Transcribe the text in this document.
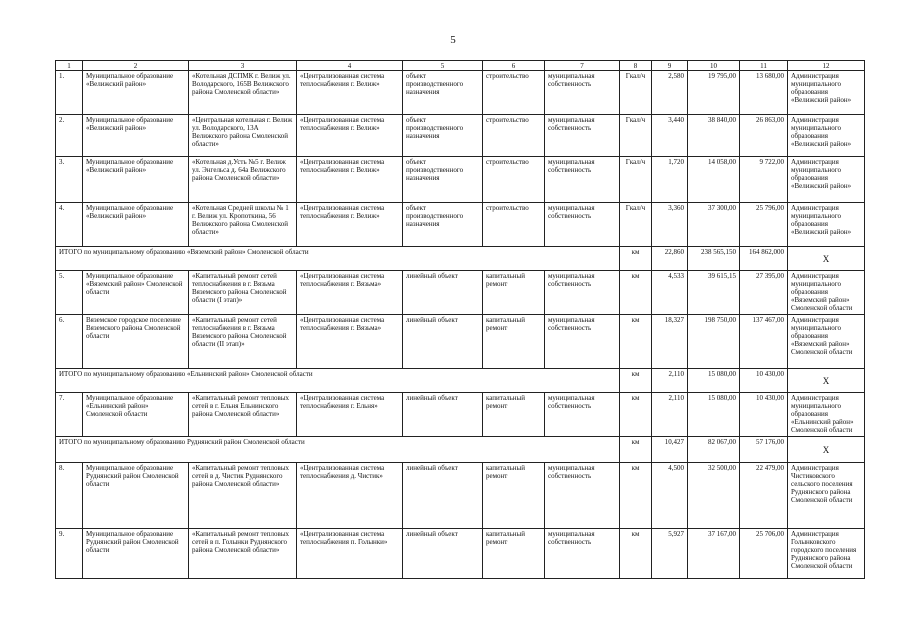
5
1	2	3	4	5	6	7	8	9	10	11	12
1.	Муниципальное образование «Велижский район»	«Котельная ДСПМК г. Велиж ул. Володарского, 165В Велижского района Смоленской области»	«Централизованная система теплоснабжения г. Велиж»	объект производственного назначения	строительство	муниципальная собственность	Гкал/ч	2,580	19 795,00	13 680,00	Администрация муниципального образования «Велижский район»
2.	Муниципальное образование «Велижский район»	«Центральная котельная г. Велиж ул. Володарского, 13А Велижского района Смоленской области»	«Централизованная система теплоснабжения г. Велиж»	объект производственного назначения	строительство	муниципальная собственность	Гкал/ч	3,440	38 840,00	26 863,00	Администрация муниципального образования «Велижский район»
3.	Муниципальное образование «Велижский район»	«Котельная д.Усть №5 г. Велиж ул. Энгельса д. 64а Велижского района Смоленской области»	«Централизованная система теплоснабжения г. Велиж»	объект производственного назначения	строительство	муниципальная собственность	Гкал/ч	1,720	14 058,00	9 722,00	Администрация муниципального образования «Велижский район»
4.	Муниципальное образование «Велижский район»	«Котельная Средней школы № 1 г. Велиж ул. Кропоткина, 56 Велижского района Смоленской области»	«Централизованная система теплоснабжения г. Велиж»	объект производственного назначения	строительство	муниципальная собственность	Гкал/ч	3,360	37 300,00	25 796,00	Администрация муниципального образования «Велижский район»
ИТОГО по муниципальному образованию «Вяземский район» Смоленской области							км	22,860	238 565,150	164 862,000	X
5.	Муниципальное образование «Вяземский район» Смоленской области	«Капитальный ремонт сетей теплоснабжения в г. Вязьма Вяземского района Смоленской области (I этап)»	«Централизованная система теплоснабжения г. Вязьма»	линейный объект	капитальный ремонт	муниципальная собственность	км	4,533	39 615,15	27 395,00	Администрация муниципального образования «Вяземский район» Смоленской области
6.	Вяземское городское поселение Вяземского района Смоленской области	«Капитальный ремонт сетей теплоснабжения в г. Вязьма Вяземского района Смоленской области (II этап)»	«Централизованная система теплоснабжения г. Вязьма»	линейный объект	капитальный ремонт	муниципальная собственность	км	18,327	198 750,00	137 467,00	Администрация муниципального образования «Вяземский район» Смоленской области
ИТОГО по муниципальному образованию «Ельнинский район» Смоленской области							км	2,110	15 080,00	10 430,00	X
7.	Муниципальное образование «Ельнинский район» Смоленской области	«Капитальный ремонт тепловых сетей в г. Ельня Ельнинского района Смоленской области»	«Централизованная система теплоснабжения г. Ельня»	линейный объект	капитальный ремонт	муниципальная собственность	км	2,110	15 080,00	10 430,00	Администрация муниципального образования «Ельнинский район» Смоленской области
ИТОГО по муниципальному образованию Руднянский район Смоленской области							км	10,427	82 067,00	57 176,00	X
8.	Муниципальное образование Руднянский район Смоленской области	«Капитальный ремонт тепловых сетей в д. Чистик Руднянского района Смоленской области»	«Централизованная система теплоснабжения д. Чистик»	линейный объект	капитальный ремонт	муниципальная собственность	км	4,500	32 500,00	22 479,00	Администрация Чистиковского сельского поселения Руднянского района Смоленской области
9.	Муниципальное образование Руднянский район Смоленской области	«Капитальный ремонт тепловых сетей в п. Голынки Руднянского района Смоленской области»	«Централизованная система теплоснабжения п. Голынки»	линейный объект	капитальный ремонт	муниципальная собственность	км	5,927	37 167,00	25 706,00	Администрация Голынковского городского поселения Руднянского района Смоленской области
